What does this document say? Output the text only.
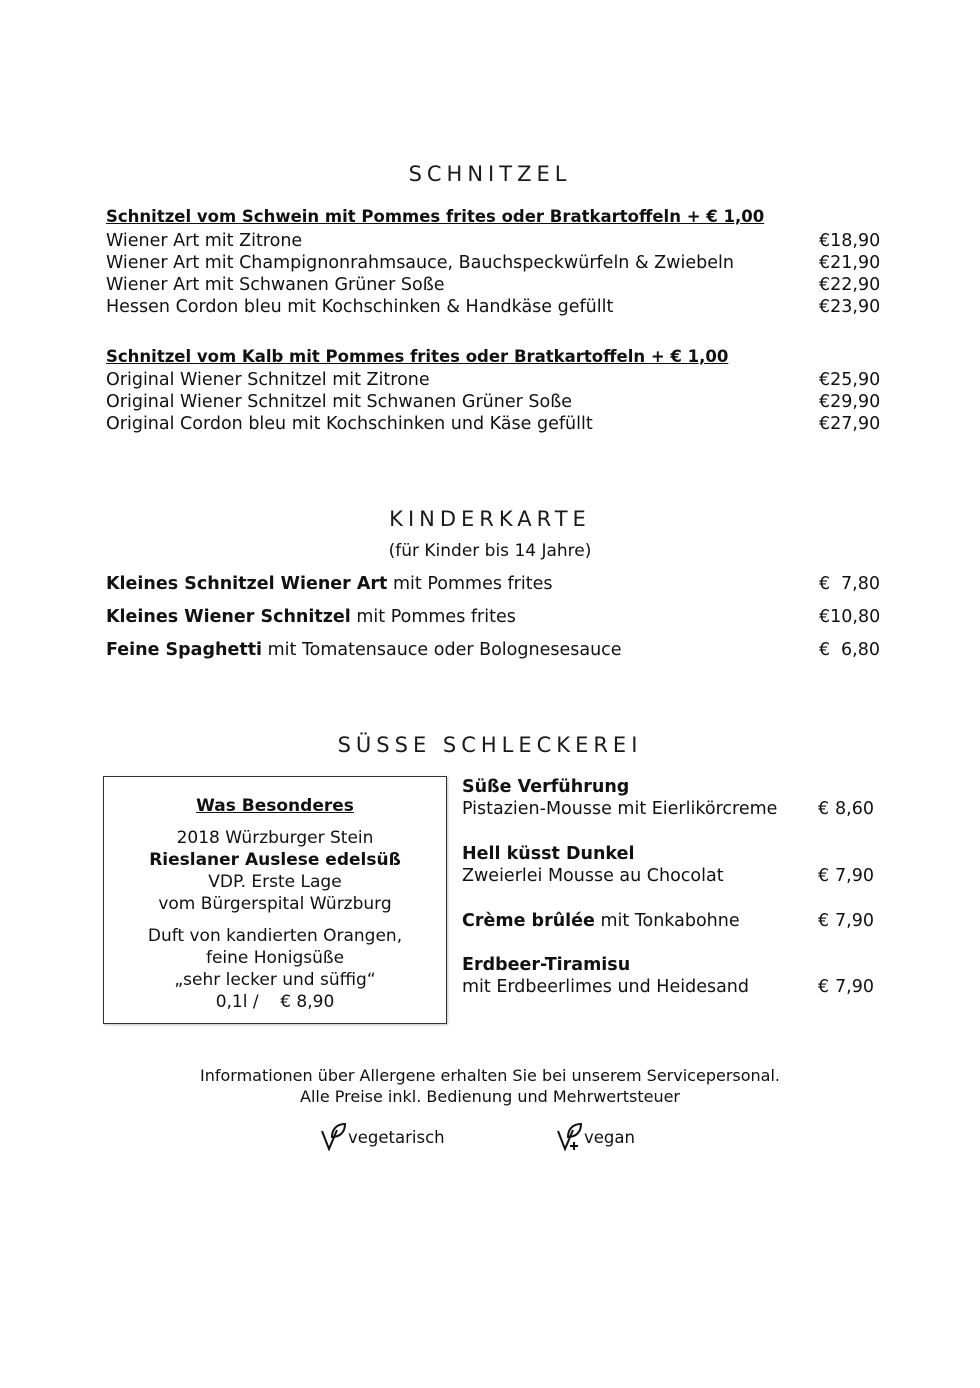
SCHNITZEL
Schnitzel vom Schwein mit Pommes frites oder Bratkartoffeln + € 1,00
Wiener Art mit Zitrone	€ 18,90
Wiener Art mit Champignonrahmsauce, Bauchspeckwürfeln & Zwiebeln	€ 21,90
Wiener Art mit Schwanen Grüner Soße	€ 22,90
Hessen Cordon bleu mit Kochschinken & Handkäse gefüllt	€ 23,90
Schnitzel vom Kalb mit Pommes frites oder Bratkartoffeln + € 1,00
Original Wiener Schnitzel mit Zitrone	€ 25,90
Original Wiener Schnitzel mit Schwanen Grüner Soße	€ 29,90
Original Cordon bleu mit Kochschinken und Käse gefüllt	€ 27,90
KINDERKARTE
(für Kinder bis 14 Jahre)
Kleines Schnitzel Wiener Art mit Pommes frites	€ 7,80
Kleines Wiener Schnitzel mit Pommes frites	€ 10,80
Feine Spaghetti mit Tomatensauce oder Bolognesesauce	€ 6,80
SÜSSE SCHLECKEREI
Was Besonderes
2018 Würzburger Stein
Rieslaner Auslese edelsüß
VDP. Erste Lage
vom Bürgerspital Würzburg
Duft von kandierten Orangen,
feine Honigsüße
„sehr lecker und süffig“
0,1l /    € 8,90
Süße Verführung
Pistazien-Mousse mit Eierlikörcreme € 8,60
Hell küsst Dunkel
Zweierlei Mousse au Chocolat	€ 7,90
Crème brûlée mit Tonkabohne	€ 7,90
Erdbeer-Tiramisu
mit Erdbeerlimes und Heidesand	€ 7,90
Informationen über Allergene erhalten Sie bei unserem Servicepersonal.
Alle Preise inkl. Bedienung und Mehrwertsteuer
vegetarisch	vegan
